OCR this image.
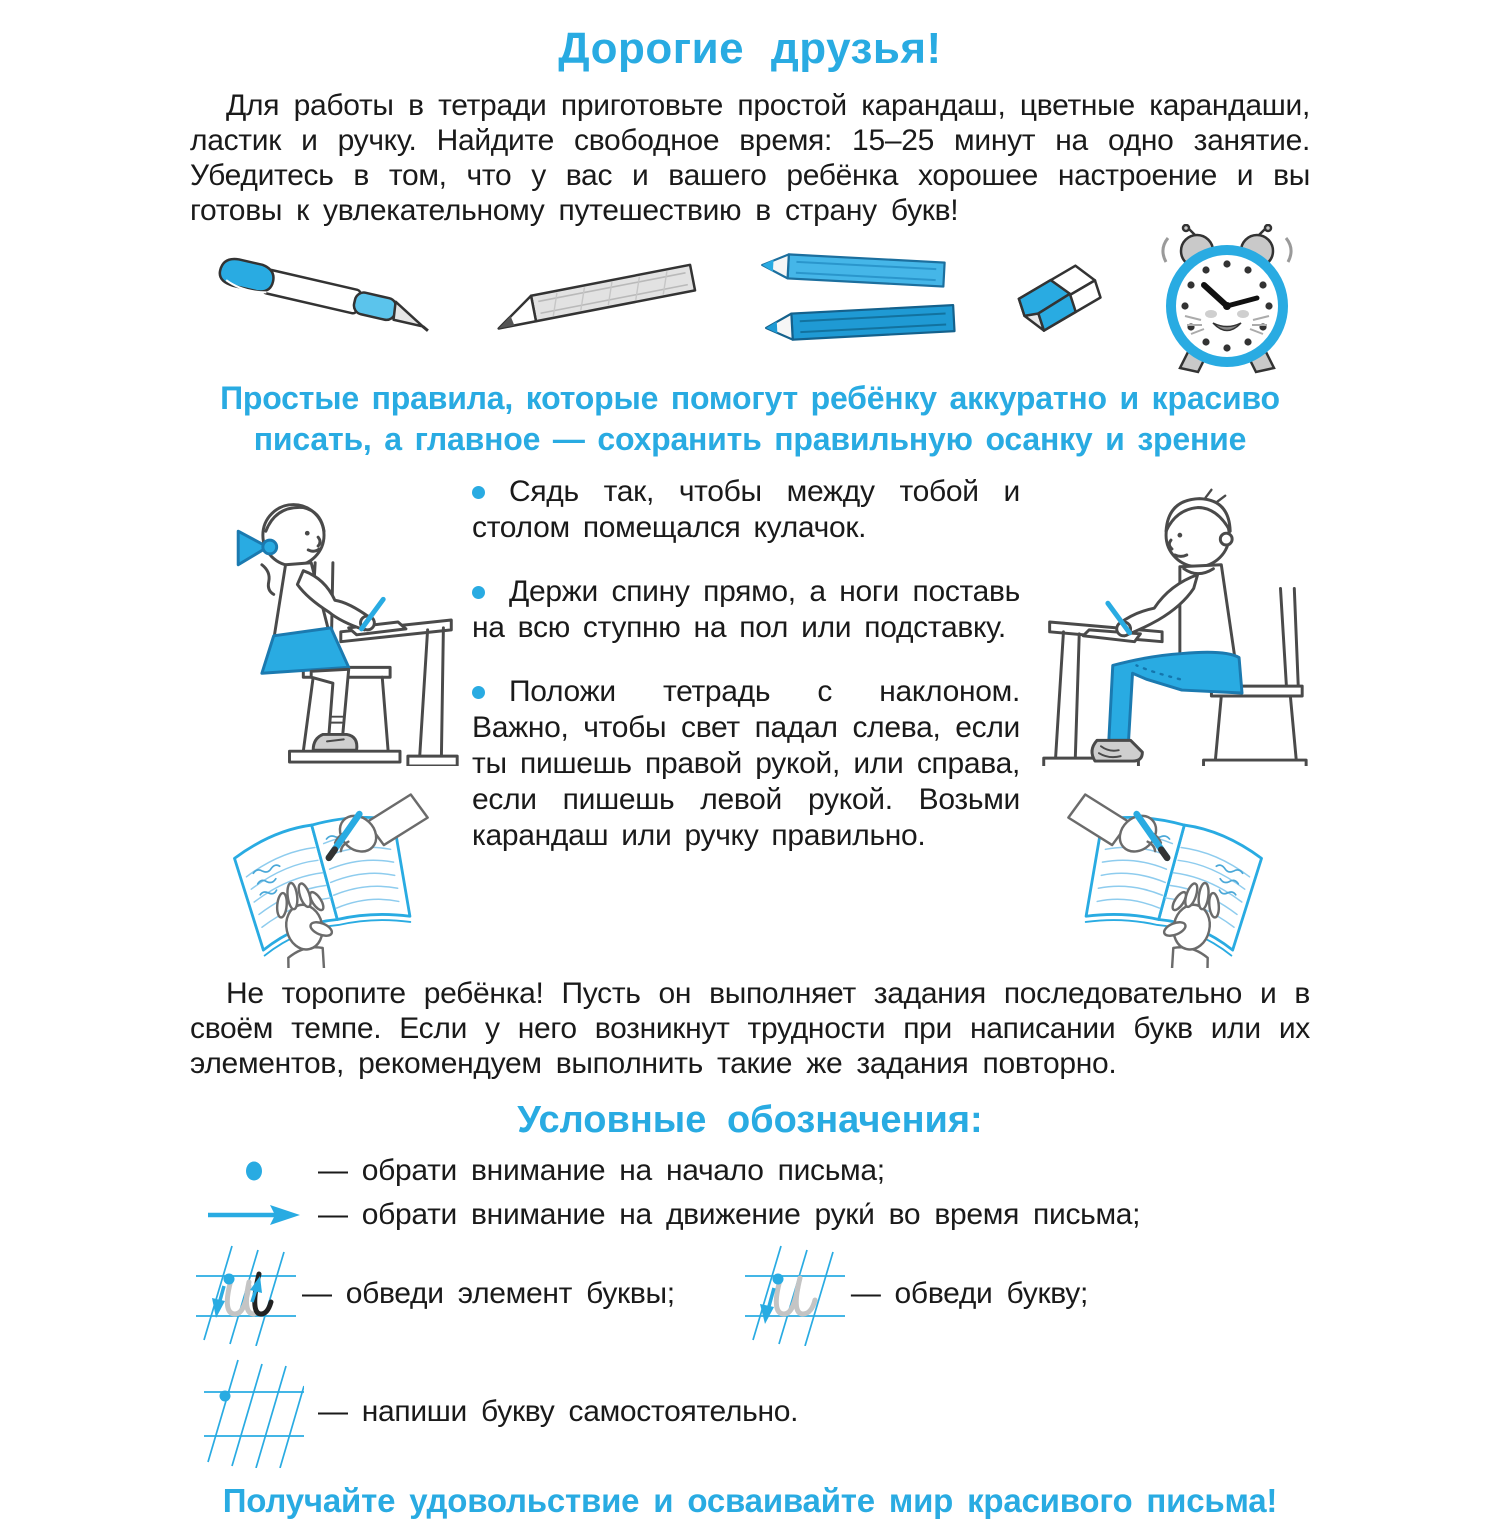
Дорогие друзья!

Для работы в тетради приготовьте простой карандаш, цветные карандаши, ластик и ручку. Найдите свободное время: 15–25 минут на одно занятие. Убедитесь в том, что у вас и вашего ребёнка хорошее настроение и вы готовы к увлекательному путешествию в страну букв!

Простые правила, которые помогут ребёнку аккуратно и красиво писать, а главное — сохранить правильную осанку и зрение
Сядь так, чтобы между тобой и столом помещался кулачок.
Держи спину прямо, а ноги поставь на всю ступню на пол или подставку.
Положи тетрадь с наклоном. Важно, чтобы свет падал слева, если ты пишешь правой рукой, или справа, если пишешь левой рукой. Возьми карандаш или ручку правильно.

Не торопите ребёнка! Пусть он выполняет задания последовательно и в своём темпе. Если у него возникнут трудности при написании букв или их элементов, рекомендуем выполнить такие же задания повторно.

Условные обозначения:
— обрати внимание на начало письма;
— обрати внимание на движение руки́ во время письма;
— обведи элемент буквы;	— обведи букву;
— напиши букву самостоятельно.

Получайте удовольствие и осваивайте мир красивого письма!
